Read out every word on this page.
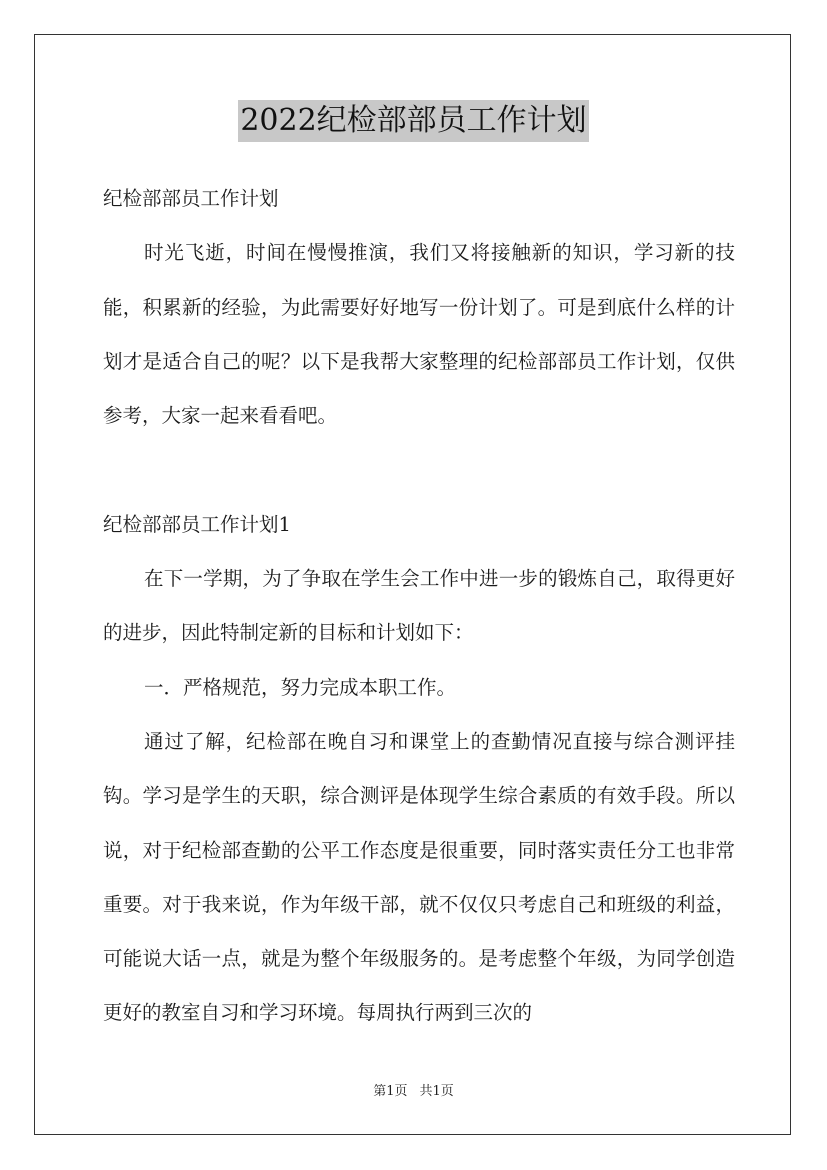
2022纪检部部员工作计划

纪检部部员工作计划

时光飞逝，时间在慢慢推演，我们又将接触新的知识，学习新的技能，积累新的经验，为此需要好好地写一份计划了。可是到底什么样的计划才是适合自己的呢？以下是我帮大家整理的纪检部部员工作计划，仅供参考，大家一起来看看吧。

纪检部部员工作计划1

在下一学期，为了争取在学生会工作中进一步的锻炼自己，取得更好的进步，因此特制定新的目标和计划如下：

一．严格规范，努力完成本职工作。

通过了解，纪检部在晚自习和课堂上的查勤情况直接与综合测评挂钩。学习是学生的天职，综合测评是体现学生综合素质的有效手段。所以说，对于纪检部查勤的公平工作态度是很重要，同时落实责任分工也非常重要。对于我来说，作为年级干部，就不仅仅只考虑自己和班级的利益，可能说大话一点，就是为整个年级服务的。是考虑整个年级，为同学创造更好的教室自习和学习环境。每周执行两到三次的

第1页 共1页
